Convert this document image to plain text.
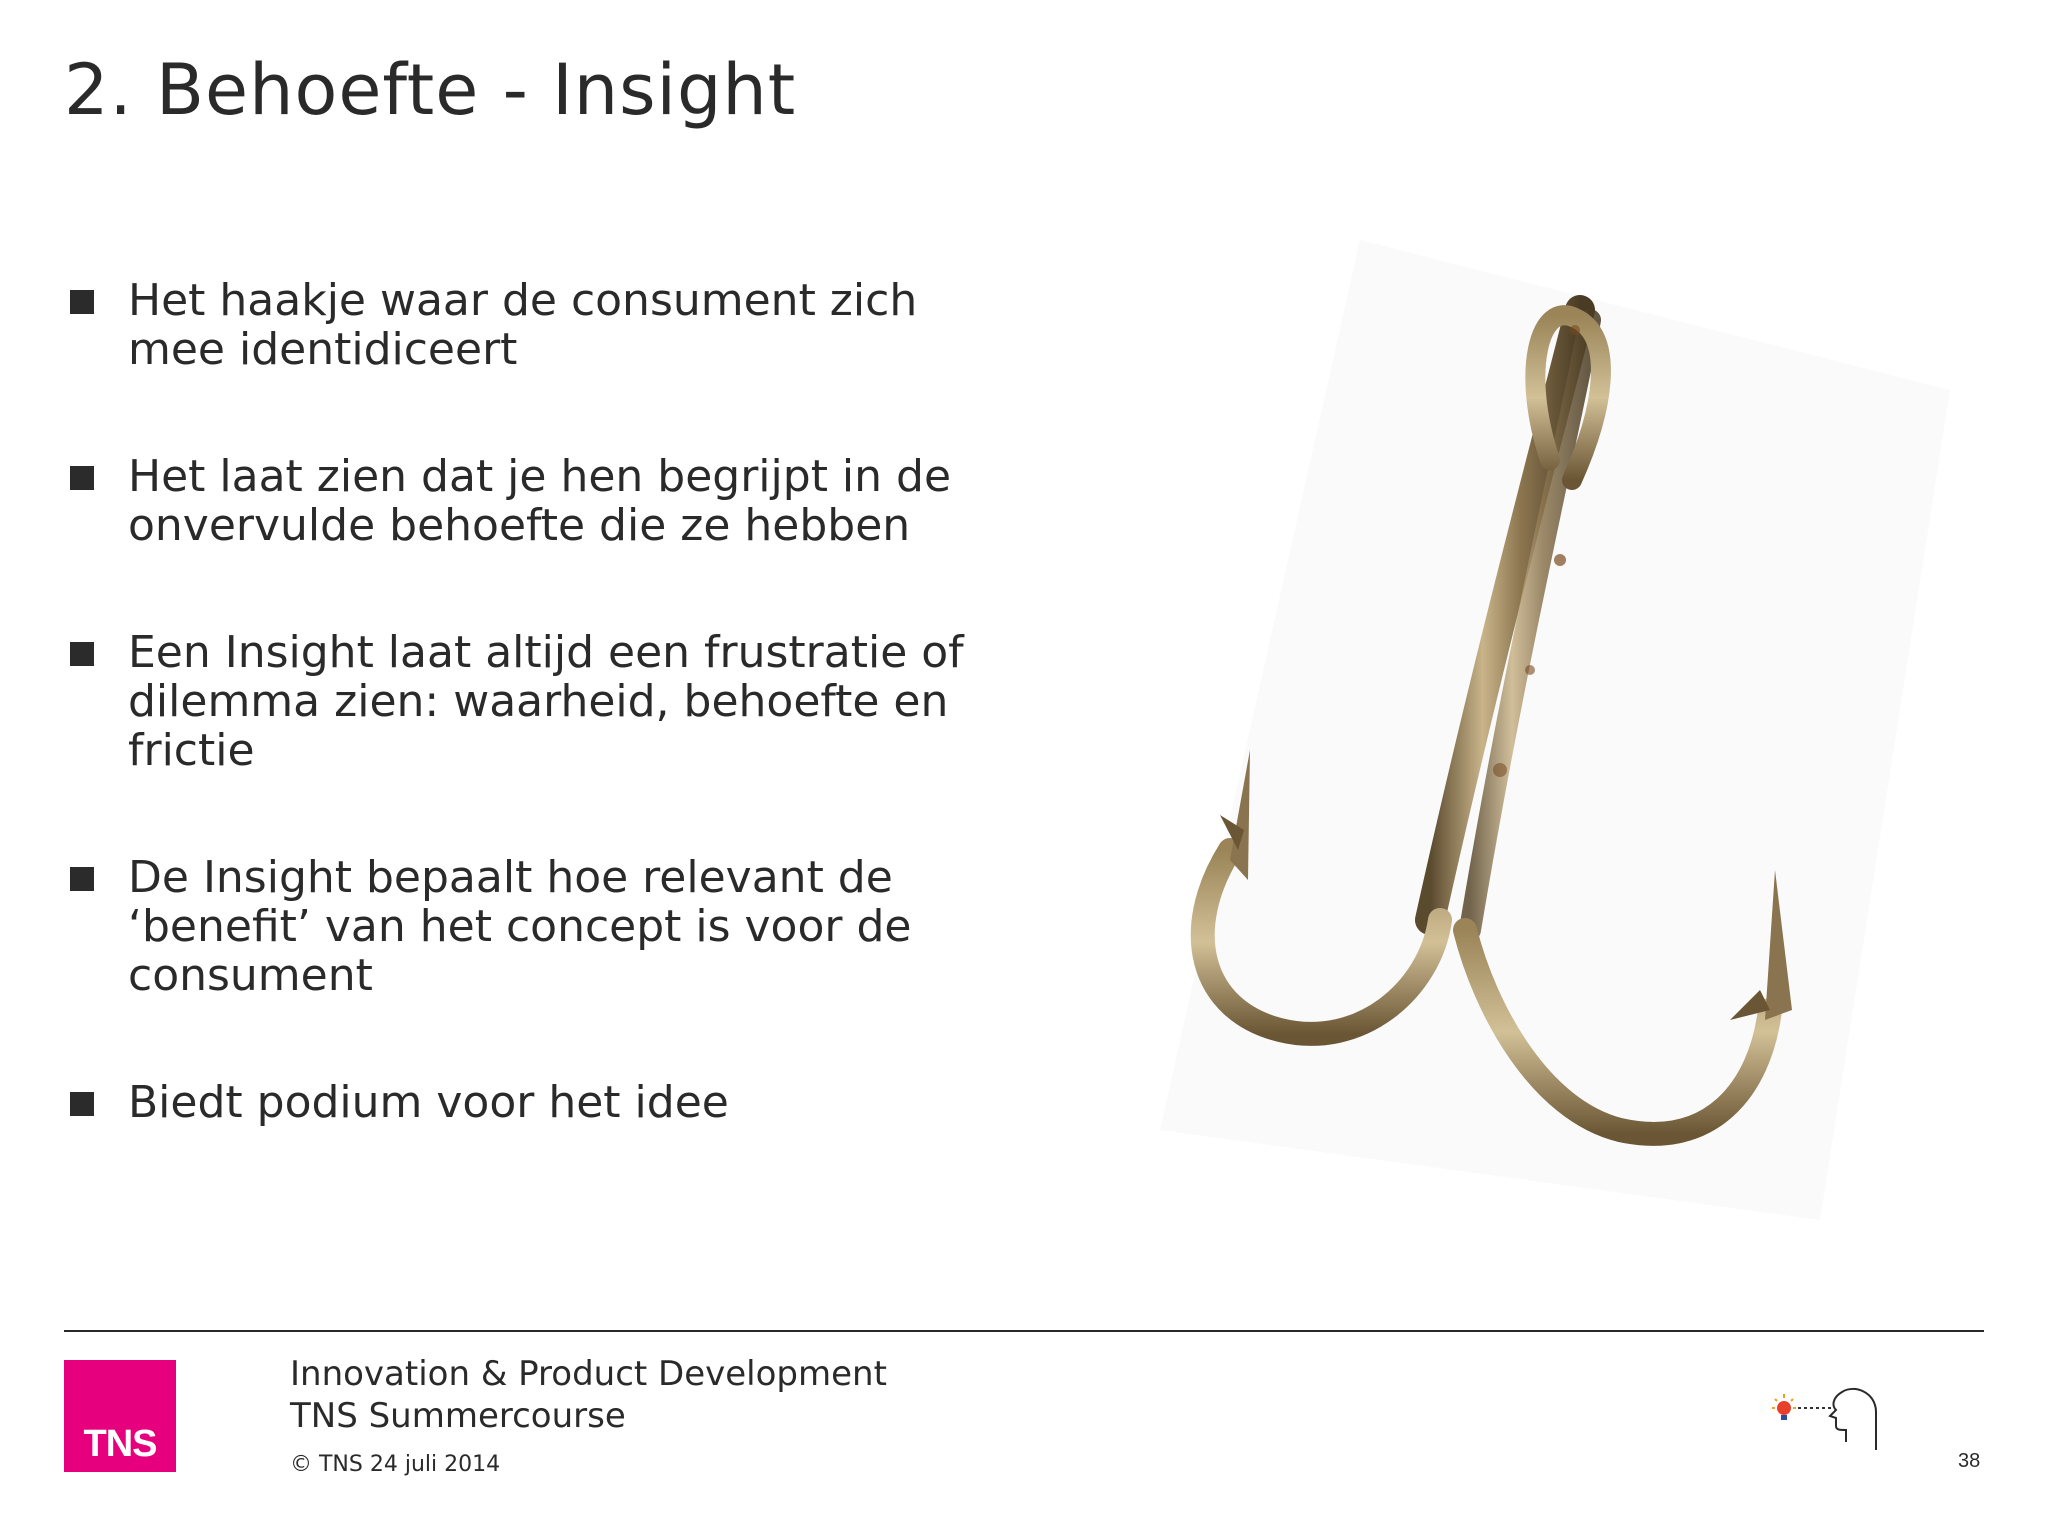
2. Behoefte - Insight
Het haakje waar de consument zich mee identidiceert
Het laat zien dat je hen begrijpt in de onvervulde behoefte die ze hebben
Een Insight laat altijd een frustratie of dilemma zien: waarheid, behoefte en frictie
De Insight bepaalt hoe relevant de ‘benefit’ van het concept is voor de consument
Biedt podium voor het idee
TNS
Innovation & Product Development
TNS Summercourse
© TNS 24 juli 2014	38
